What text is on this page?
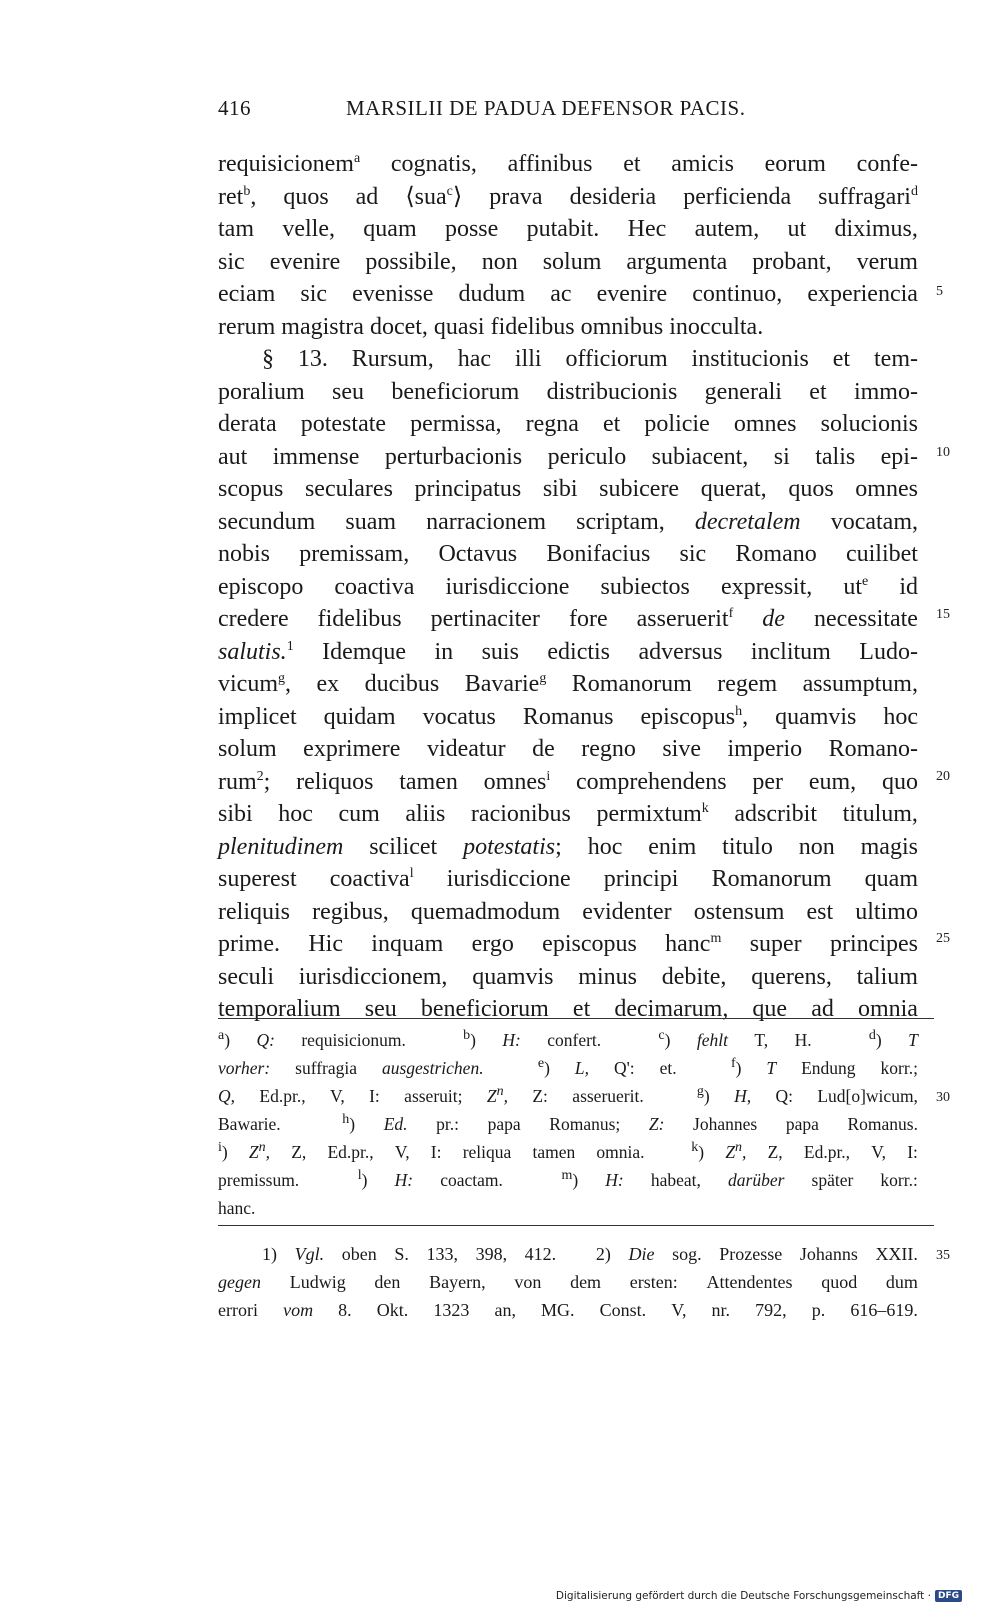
416	MARSILII DE PADUA DEFENSOR PACIS.
requisicionem$^a$ cognatis, affinibus et amicis eorum confe-
ret$^b$, quos ad ⟨sua$^c$⟩ prava desideria perficienda suffragari$^d$
tam velle, quam posse putabit. Hec autem, ut diximus,
sic evenire possibile, non solum argumenta probant, verum
eciam sic evenisse dudum ac evenire continuo, experiencia
rerum magistra docet, quasi fidelibus omnibus inocculta.
§ 13. Rursum, hac illi officiorum institucionis et tem-
poralium seu beneficiorum distribucionis generali et immo-
derata potestate permissa, regna et policie omnes solucionis
aut immense perturbacionis periculo subiacent, si talis epi-
scopus seculares principatus sibi subicere querat, quos omnes
secundum suam narracionem scriptam, decretalem vocatam,
nobis premissam, Octavus Bonifacius sic Romano cuilibet
episcopo coactiva iurisdiccione subiectos expressit, $ut^e$ id
credere fidelibus pertinaciter fore asseruerit$^f$ de necessitate
salutis.$^1$ Idemque in suis edictis adversus inclitum Ludo-
vicum$^g$, ex ducibus Bavarie$^g$ Romanorum regem assumptum,
implicet quidam vocatus Romanus episcopus$^h$, quamvis hoc
solum exprimere videatur de regno sive imperio Romano-
rum$^2$; reliquos tamen omnes$^i$ comprehendens per eum, quo
sibi hoc cum aliis racionibus permixtum$^k$ adscribit titulum,
plenitudinem scilicet potestatis; hoc enim titulo non magis
superest coactiva$^l$ iurisdiccione principi Romanorum quam
reliquis regibus, quemadmodum evidenter ostensum est ultimo
prime. Hic inquam ergo episcopus hanc$^m$ super principes
seculi iurisdiccionem, quamvis minus debite, querens, talium
temporalium seu beneficiorum et decimarum, que ad omnia
5
10
15
20
25
$^a$) Q: requisicionum.
	$^b$) H: confert.
	$^c$) fehlt T, H.
	$^d$) T
vorher: suffragia ausgestrichen.
	$^e$) L, Q': et.
	$^f$) T Endung korr.;
Q, Ed.pr., V, I: asseruit; $Z^n$, Z: asseruerit.
	$^g$) H, Q: Lud[o]wicum,
Bawarie.
	$^h$) Ed. pr.: papa Romanus; Z: Johannes papa Romanus.
$^i$) $Z^n$, Z, Ed.pr., V, I: reliqua tamen omnia.
	$^k$) $Z^n$, Z, Ed.pr., V, I:
premissum.
	$^l$) H: coactam.
	$^m$) H: habeat, darüber später korr.:
hanc.
30
1) Vgl. oben S. 133, 398, 412.
2) Die sog. Prozesse Johanns XXII.
gegen Ludwig den Bayern, von dem ersten: Attendentes quod dum
errori vom 8. Okt. 1323 an, MG. Const. V, nr. 792, p. 616–619.
35
Digitalisierung gefördert durch die Deutsche Forschungsgemeinschaft · DFG
